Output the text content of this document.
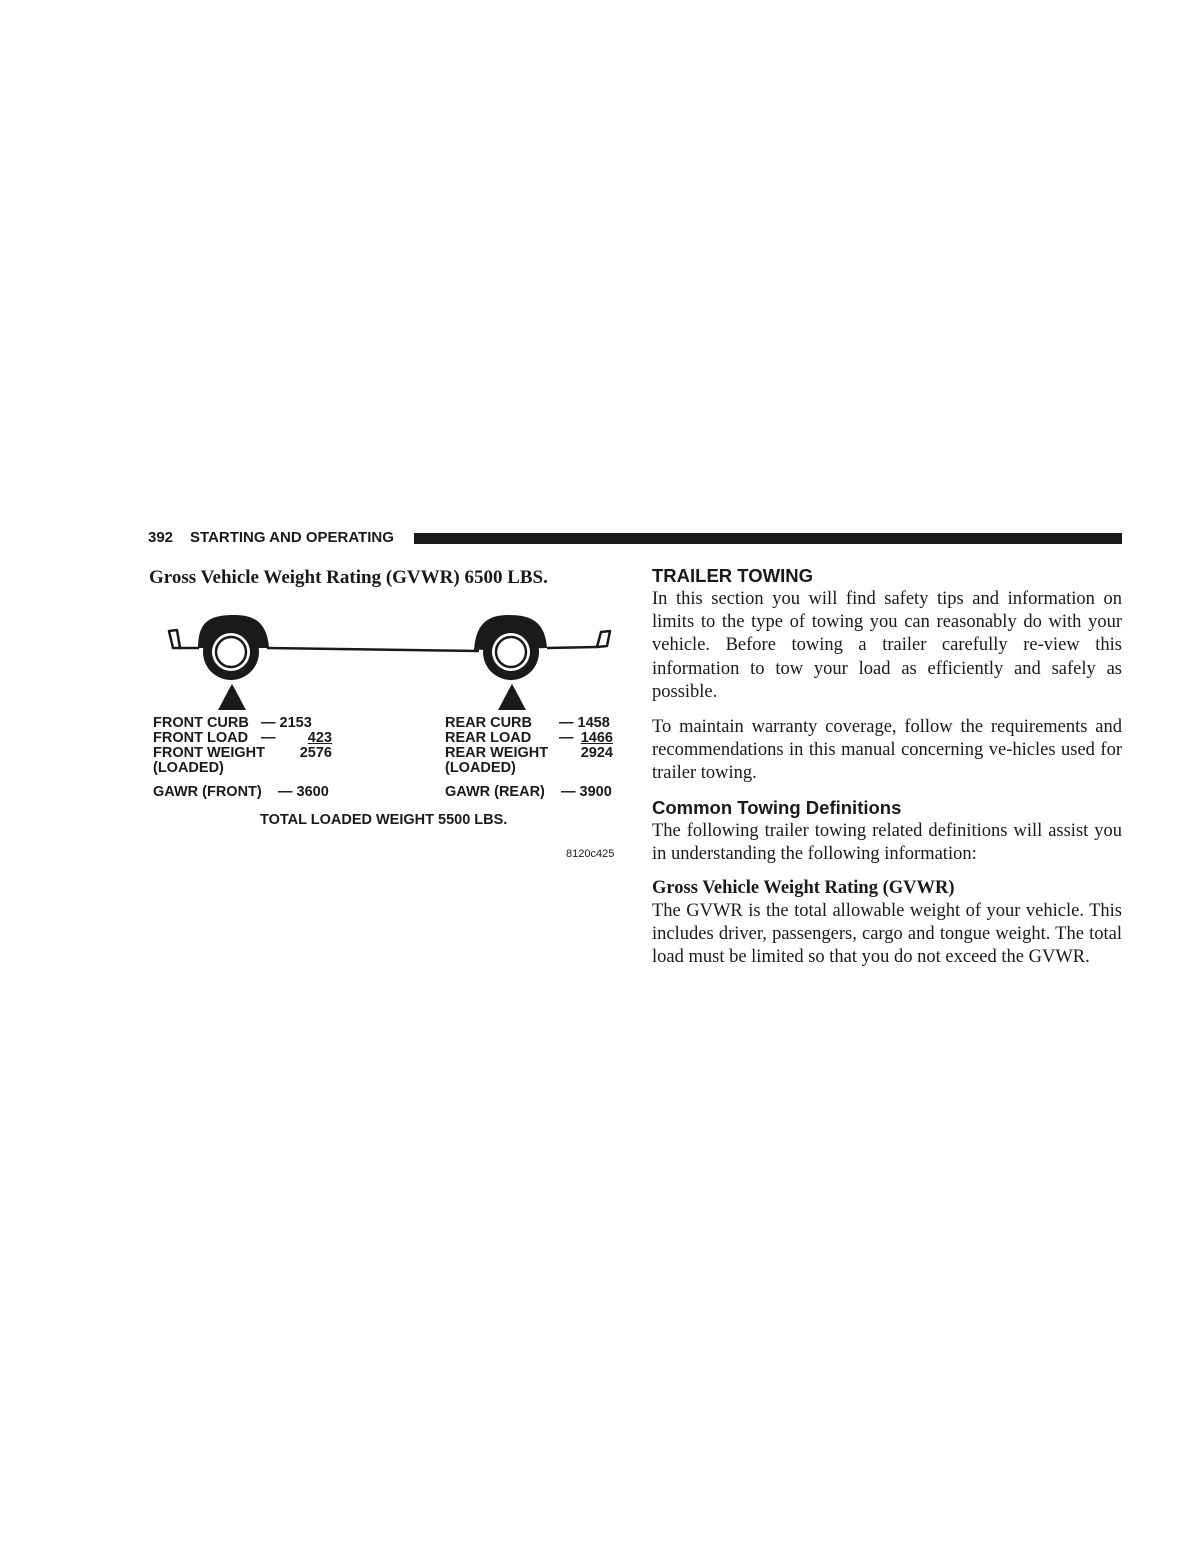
392 STARTING AND OPERATING
Gross Vehicle Weight Rating (GVWR) 6500 LBS.
FRONT CURB — 2153
FRONT LOAD —	423
FRONT WEIGHT	2576
(LOADED)
GAWR (FRONT) — 3600
REAR CURB — 1458
REAR LOAD — 1466
REAR WEIGHT	2924
(LOADED)
GAWR (REAR) — 3900
TOTAL LOADED WEIGHT 5500 LBS.
8120c425
TRAILER TOWING

In this section you will find safety tips and information on limits to the type of towing you can reasonably do with your vehicle. Before towing a trailer carefully re-view this information to tow your load as efficiently and safely as possible.

To maintain warranty coverage, follow the requirements and recommendations in this manual concerning ve-hicles used for trailer towing.

Common Towing Definitions

The following trailer towing related definitions will assist you in understanding the following information:

Gross Vehicle Weight Rating (GVWR)

The GVWR is the total allowable weight of your vehicle. This includes driver, passengers, cargo and tongue weight. The total load must be limited so that you do not exceed the GVWR.
